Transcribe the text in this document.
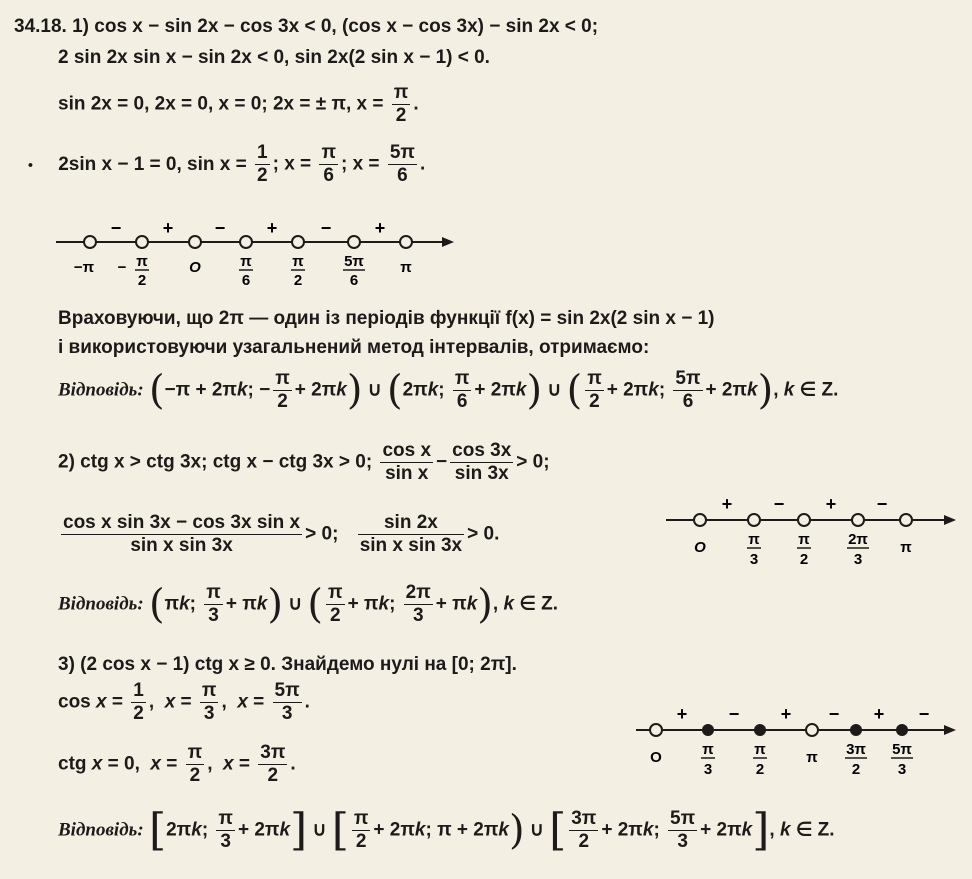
34.18. 1) cos x − sin 2x − cos 3x < 0, (cos x − cos 3x) − sin 2x < 0;
2 sin 2x sin x − sin 2x < 0, sin 2x(2 sin x − 1) < 0.
sin 2x = 0, 2x = 0, x = 0; 2x = ± π, $x = \frac{\pi}{2}$ .
• 2sin x − 1 = 0, $\sin x = \frac{1}{2}$ ; $x = \frac{\pi}{6}$ ; $x = \frac{5\pi}{6}$ .
− + − + − +
−π − π
2
O	π
6
π
2
5π
6
π
Враховуючи, що 2π — один із періодів функції f(x) = sin 2x(2 sin x − 1)
і використовуючи узагальнений метод інтервалів, отримаємо:
Відповідь: (−π + 2πk; − $\frac{\pi}{2} + 2\pi k$) ∪ (2πk; $\frac{\pi}{6} + 2\pi k$) ∪ ( $\frac{\pi}{2} + 2\pi k$; $\frac{5\pi}{6} + 2\pi k$), k ∈ Z.
2) ctg x > ctg 3x; ctg x − ctg 3x > 0; $\frac{\text{cos x}}{\text{sin x}} - \frac{\cos 3x}{\sin 3x} > 0$;
$\frac{\text{cos x sin 3x − cos 3x sin x}}{\text{sin x sin 3x}} > 0$; $\frac{\sin 2x}{\text{sin x sin 3x}} > 0$.
+ − + −
O	π
3
π
2
2π
3
π
Відповідь: (πk; $\frac{\pi}{3} + \pi k$) ∪ ( $\frac{\pi}{2} + \pi k$; $\frac{2\pi}{3} + \pi k$), k ∈ Z.
3) (2 cos x − 1) ctg x ≥ 0. Знайдемо нулі на [0; 2π].
$\cos x = \frac{1}{2}$ ,  $x = \frac{\pi}{3}$ ,  $x = \frac{5\pi}{3}$ .
ctg x = 0,  $x = \frac{\pi}{2}$ ,  $x = \frac{3\pi}{2}$ .
+ − + − + −
O	π
3
π
2
π 3π
2
5π
3
Відповідь: [2πk; $\frac{\pi}{3} + 2\pi k$] ∪ [ $\frac{\pi}{2} + 2\pi k$; π + 2πk) ∪ [ $\frac{3\pi}{2} + 2\pi k$; $\frac{5\pi}{3} + 2\pi k$], k ∈ Z.
